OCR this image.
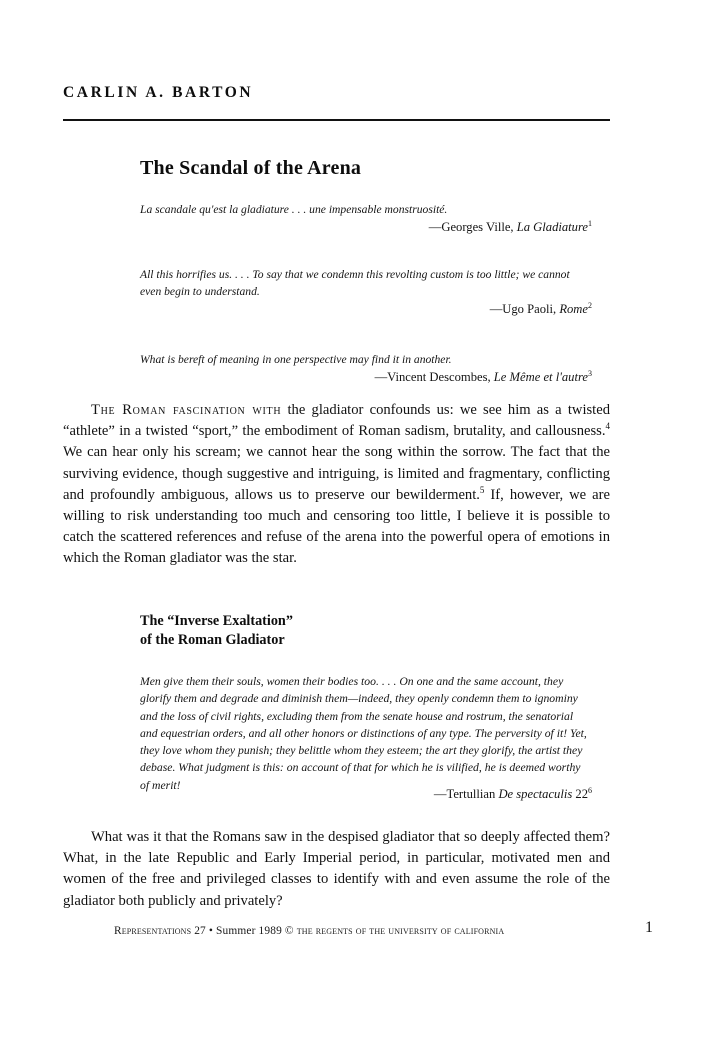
CARLIN A. BARTON
The Scandal of the Arena
La scandale qu'est la gladiature . . . une impensable monstruosité.
—Georges Ville, La Gladiature$^1$
All this horrifies us. . . . To say that we condemn this revolting custom is too little; we cannot even begin to understand.
—Ugo Paoli, Rome$^2$
What is bereft of meaning in one perspective may find it in another.
—Vincent Descombes, Le Même et l'autre$^3$
The Roman fascination with the gladiator confounds us: we see him as a twisted “athlete” in a twisted “sport,” the embodiment of Roman sadism, brutality, and callousness.$^4$ We can hear only his scream; we cannot hear the song within the sorrow. The fact that the surviving evidence, though suggestive and intriguing, is limited and fragmentary, conflicting and profoundly ambiguous, allows us to preserve our bewilderment.$^5$ If, however, we are willing to risk understanding too much and censoring too little, I believe it is possible to catch the scattered references and refuse of the arena into the powerful opera of emotions in which the Roman gladiator was the star.
The “Inverse Exaltation”
of the Roman Gladiator
Men give them their souls, women their bodies too. . . . On one and the same account, they glorify them and degrade and diminish them—indeed, they openly condemn them to ignominy and the loss of civil rights, excluding them from the senate house and rostrum, the senatorial and equestrian orders, and all other honors or distinctions of any type. The perversity of it! Yet, they love whom they punish; they belittle whom they esteem; the art they glorify, the artist they debase. What judgment is this: on account of that for which he is vilified, he is deemed worthy of merit!
—Tertullian De spectaculis $22^6$
What was it that the Romans saw in the despised gladiator that so deeply affected them? What, in the late Republic and Early Imperial period, in particular, motivated men and women of the free and privileged classes to identify with and even assume the role of the gladiator both publicly and privately?
Representations 27 • Summer 1989 © the regents of the university of california	1
